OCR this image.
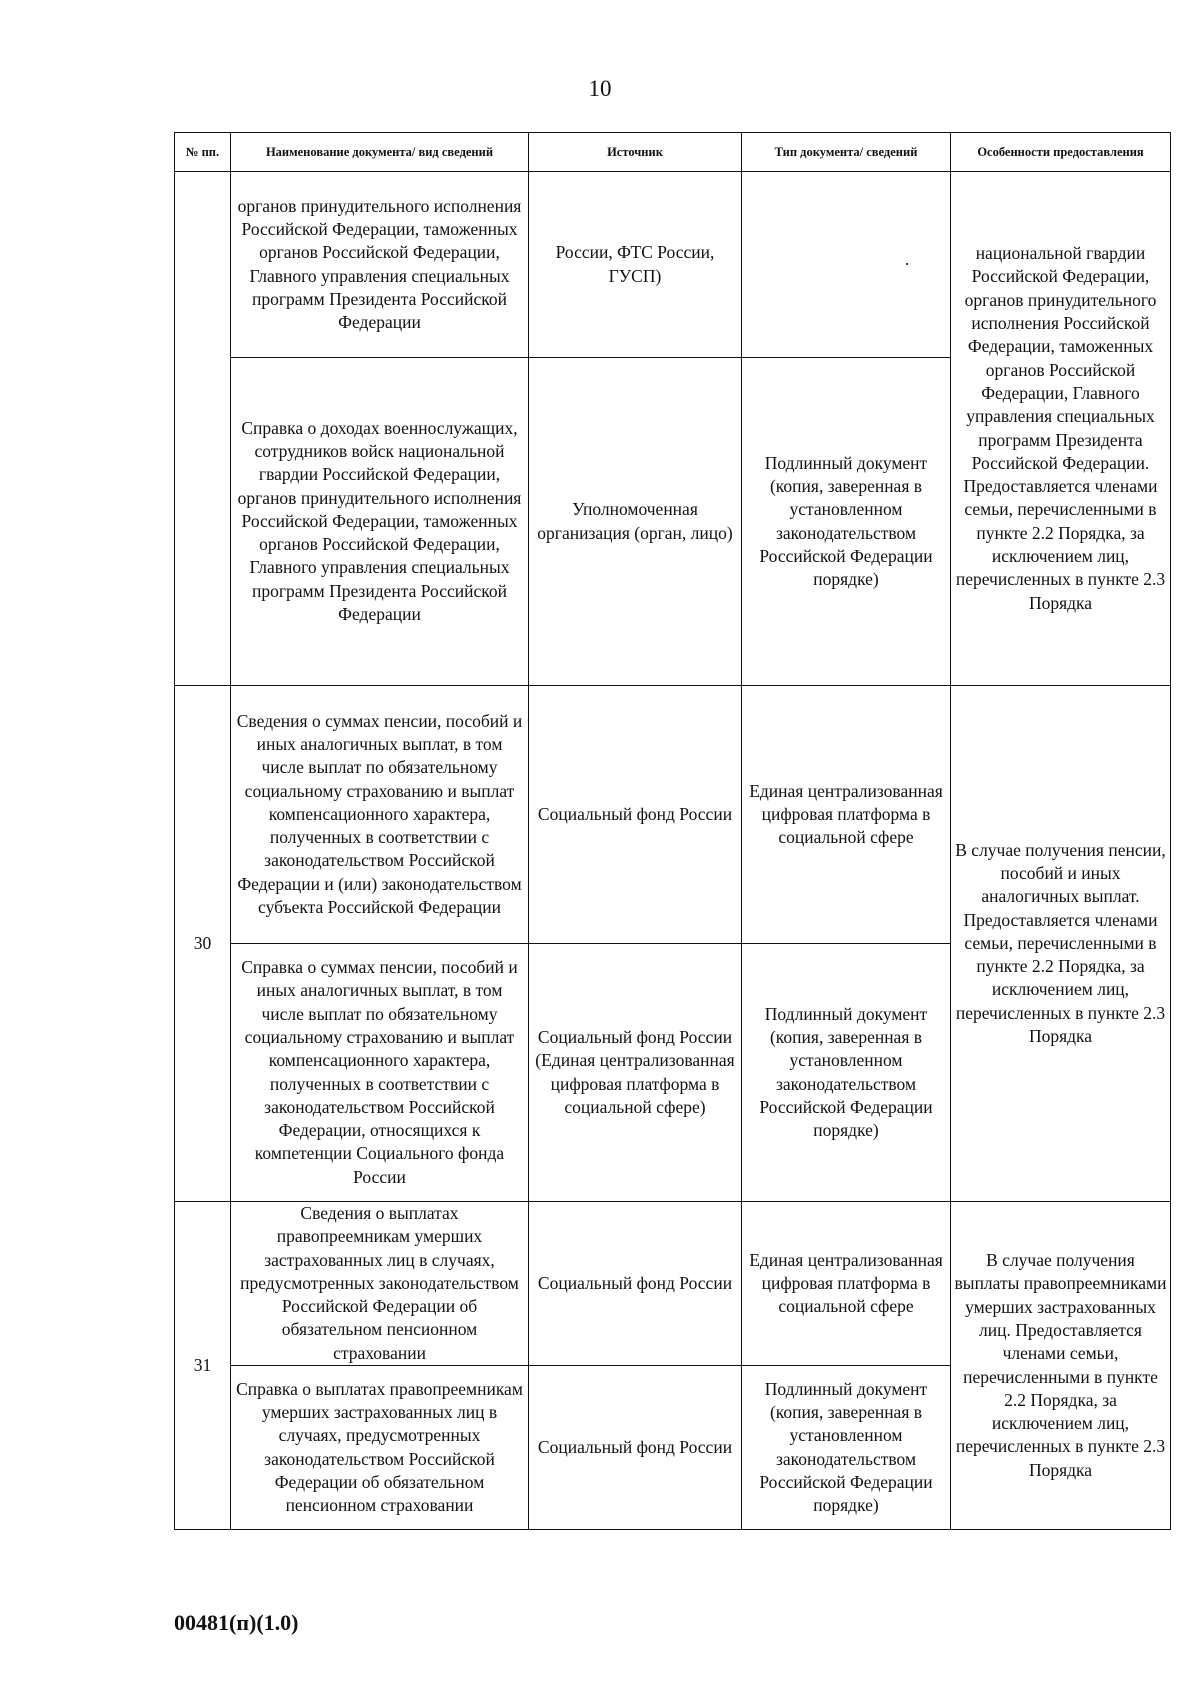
10
№ пп.	Наименование документа/ вид сведений	Источник	Тип документа/ сведений	Особенности предоставления
	органов принудительного исполнения Российской Федерации, таможенных органов Российской Федерации, Главного управления специальных программ Президента Российской Федерации	России, ФТС России, ГУСП)	·	национальной гвардии Российской Федерации, органов принудительного исполнения Российской Федерации, таможенных органов Российской Федерации, Главного управления специальных программ Президента Российской Федерации. Предоставляется членами семьи, перечисленными в пункте 2.2 Порядка, за исключением лиц, перечисленных в пункте 2.3 Порядка
	Справка о доходах военнослужащих, сотрудников войск национальной гвардии Российской Федерации, органов принудительного исполнения Российской Федерации, таможенных органов Российской Федерации, Главного управления специальных программ Президента Российской Федерации	Уполномоченная организация (орган, лицо)	Подлинный документ (копия, заверенная в установленном законодательством Российской Федерации порядке)	
30	Сведения о суммах пенсии, пособий и иных аналогичных выплат, в том числе выплат по обязательному социальному страхованию и выплат компенсационного характера, полученных в соответствии с законодательством Российской Федерации и (или) законодательством субъекта Российской Федерации	Социальный фонд России	Единая централизованная цифровая платформа в социальной сфере	В случае получения пенсии, пособий и иных аналогичных выплат. Предоставляется членами семьи, перечисленными в пункте 2.2 Порядка, за исключением лиц, перечисленных в пункте 2.3 Порядка
	Справка о суммах пенсии, пособий и иных аналогичных выплат, в том числе выплат по обязательному социальному страхованию и выплат компенсационного характера, полученных в соответствии с законодательством Российской Федерации, относящихся к компетенции Социального фонда России	Социальный фонд России (Единая централизованная цифровая платформа в социальной сфере)	Подлинный документ (копия, заверенная в установленном законодательством Российской Федерации порядке)	
31	Сведения о выплатах правопреемникам умерших застрахованных лиц в случаях, предусмотренных законодательством Российской Федерации об обязательном пенсионном страховании	Социальный фонд России	Единая централизованная цифровая платформа в социальной сфере	В случае получения выплаты правопреемниками умерших застрахованных лиц. Предоставляется членами семьи, перечисленными в пункте 2.2 Порядка, за исключением лиц, перечисленных в пункте 2.3 Порядка
	Справка о выплатах правопреемникам умерших застрахованных лиц в случаях, предусмотренных законодательством Российской Федерации об обязательном пенсионном страховании	Социальный фонд России	Подлинный документ (копия, заверенная в установленном законодательством Российской Федерации порядке)	
00481(п)(1.0)
